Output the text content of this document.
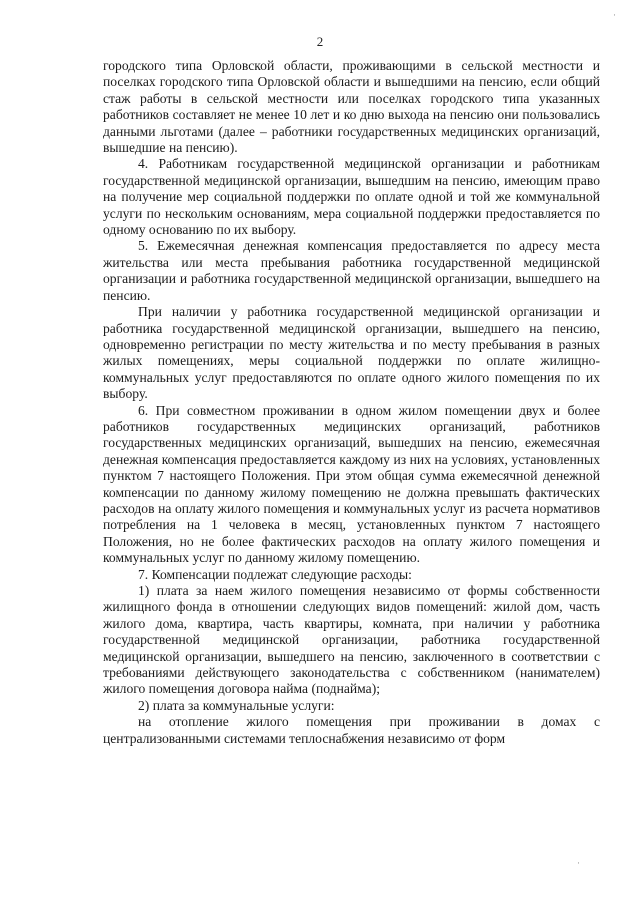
2

городского типа Орловской области, проживающими в сельской местности и поселках городского типа Орловской области и вышедшими на пенсию, если общий стаж работы в сельской местности или поселках городского типа указанных работников составляет не менее 10 лет и ко дню выхода на пенсию они пользовались данными льготами (далее – работники государственных медицинских организаций, вышедшие на пенсию).

4. Работникам государственной медицинской организации и работникам государственной медицинской организации, вышедшим на пенсию, имеющим право на получение мер социальной поддержки по оплате одной и той же коммунальной услуги по нескольким основаниям, мера социальной поддержки предоставляется по одному основанию по их выбору.

5. Ежемесячная денежная компенсация предоставляется по адресу места жительства или места пребывания работника государственной медицинской организации и работника государственной медицинской организации, вышедшего на пенсию.

При наличии у работника государственной медицинской организации и работника государственной медицинской организации, вышедшего на пенсию, одновременно регистрации по месту жительства и по месту пребывания в разных жилых помещениях, меры социальной поддержки по оплате жилищно-коммунальных услуг предоставляются по оплате одного жилого помещения по их выбору.

6. При совместном проживании в одном жилом помещении двух и более работников государственных медицинских организаций, работников государственных медицинских организаций, вышедших на пенсию, ежемесячная денежная компенсация предоставляется каждому из них на условиях, установленных пунктом 7 настоящего Положения. При этом общая сумма ежемесячной денежной компенсации по данному жилому помещению не должна превышать фактических расходов на оплату жилого помещения и коммунальных услуг из расчета нормативов потребления на 1 человека в месяц, установленных пунктом 7 настоящего Положения, но не более фактических расходов на оплату жилого помещения и коммунальных услуг по данному жилому помещению.

7. Компенсации подлежат следующие расходы:

1) плата за наем жилого помещения независимо от формы собственности жилищного фонда в отношении следующих видов помещений: жилой дом, часть жилого дома, квартира, часть квартиры, комната, при наличии у работника государственной медицинской организации, работника государственной медицинской организации, вышедшего на пенсию, заключенного в соответствии с требованиями действующего законодательства с собственником (нанимателем) жилого помещения договора найма (поднайма);

2) плата за коммунальные услуги:

на отопление жилого помещения при проживании в домах с централизованными системами теплоснабжения независимо от форм

·
·
